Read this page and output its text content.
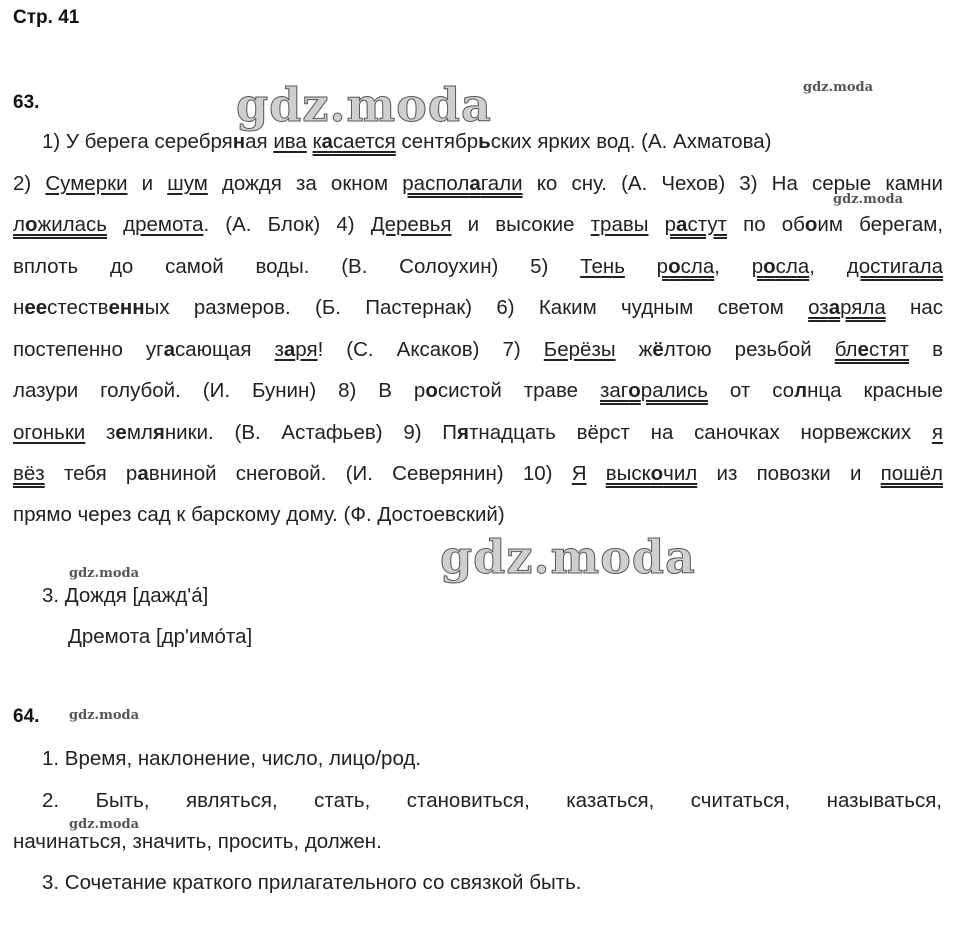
Стр. 41
gdz.moda	gdz.moda
gdz.moda
gdz.moda
gdz.moda
gdz.moda
gdz.moda
63.
1) У берега серебряная ива касается сентябрьских ярких вод. (А. Ахматова)
2) Сумерки и шум дождя за окном располагали ко сну. (А. Чехов) 3) На серые камни
ложилась дремота. (А. Блок) 4) Деревья и высокие травы растут по обоим берегам,
вплоть до самой воды. (В. Солоухин) 5) Тень росла, росла, достигала
неестественных размеров. (Б. Пастернак) 6) Каким чудным светом озаряла нас
постепенно угасающая заря! (С. Аксаков) 7) Берёзы жёлтою резьбой блестят в
лазури голубой. (И. Бунин) 8) В росистой траве загорались от солнца красные
огоньки земляники. (В. Астафьев) 9) Пятнадцать вёрст на саночках норвежских я
вёз тебя равниной снеговой. (И. Северянин) 10) Я выскочил из повозки и пошёл
прямо через сад к барскому дому. (Ф. Достоевский)
3. Дождя [дажд'а́]
Дремота [др'имо́та]
64.
1. Время, наклонение, число, лицо/род.
2. Быть, являться, стать, становиться, казаться, считаться, называться,
начинаться, значить, просить, должен.
3. Сочетание краткого прилагательного со связкой быть.
